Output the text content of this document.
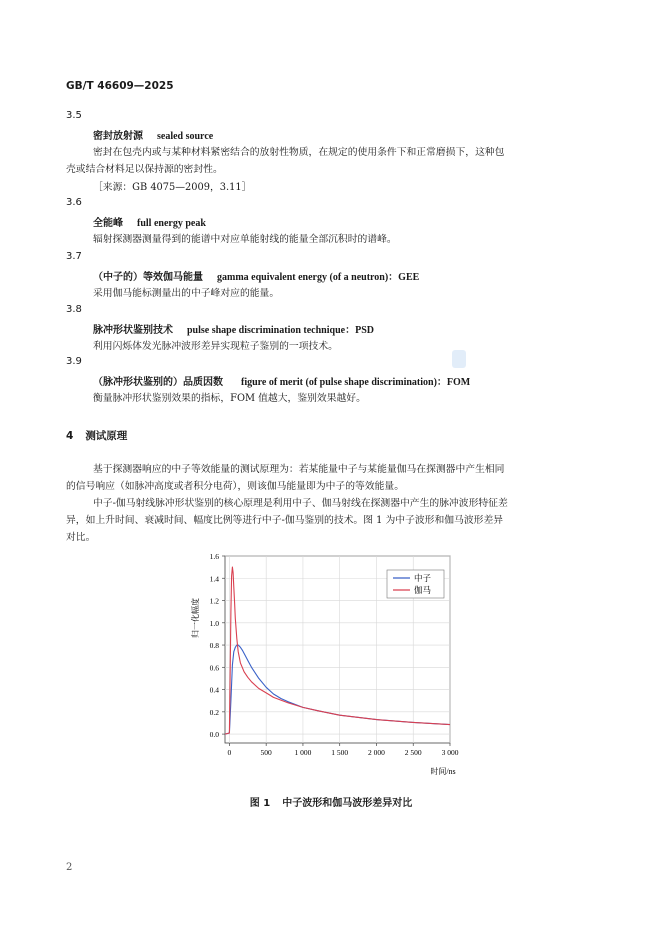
GB/T 46609—2025
3.5
密封放射源 sealed source
密封在包壳内或与某种材料紧密结合的放射性物质，在规定的使用条件下和正常磨损下，这种包
壳或结合材料足以保持源的密封性。
［来源：GB 4075—2009，3.11］
3.6
全能峰 full energy peak
辐射探测器测量得到的能谱中对应单能射线的能量全部沉积时的谱峰。
3.7
（中子的）等效伽马能量 gamma equivalent energy (of a neutron)：GEE
采用伽马能标测量出的中子峰对应的能量。
3.8
脉冲形状鉴别技术 pulse shape discrimination technique：PSD
利用闪烁体发光脉冲波形差异实现粒子鉴别的一项技术。
3.9
（脉冲形状鉴别的）品质因数 figure of merit (of pulse shape discrimination)：FOM
衡量脉冲形状鉴别效果的指标，FOM 值越大，鉴别效果越好。
4 测试原理
基于探测器响应的中子等效能量的测试原理为：若某能量中子与某能量伽马在探测器中产生相同
的信号响应（如脉冲高度或者积分电荷），则该伽马能量即为中子的等效能量。
中子-伽马射线脉冲形状鉴别的核心原理是利用中子、伽马射线在探测器中产生的脉冲波形特征差
异，如上升时间、衰减时间、幅度比例等进行中子-伽马鉴别的技术。图 1 为中子波形和伽马波形差异
对比。
0.0
0.2
0.4
0.6
0.8
1.0
1.2
1.4
1.6
0	500	1 000	1 500	2 000	2 500	3 000
中子
伽马
归一化幅度
时间/ns
图 1 中子波形和伽马波形差异对比
2
